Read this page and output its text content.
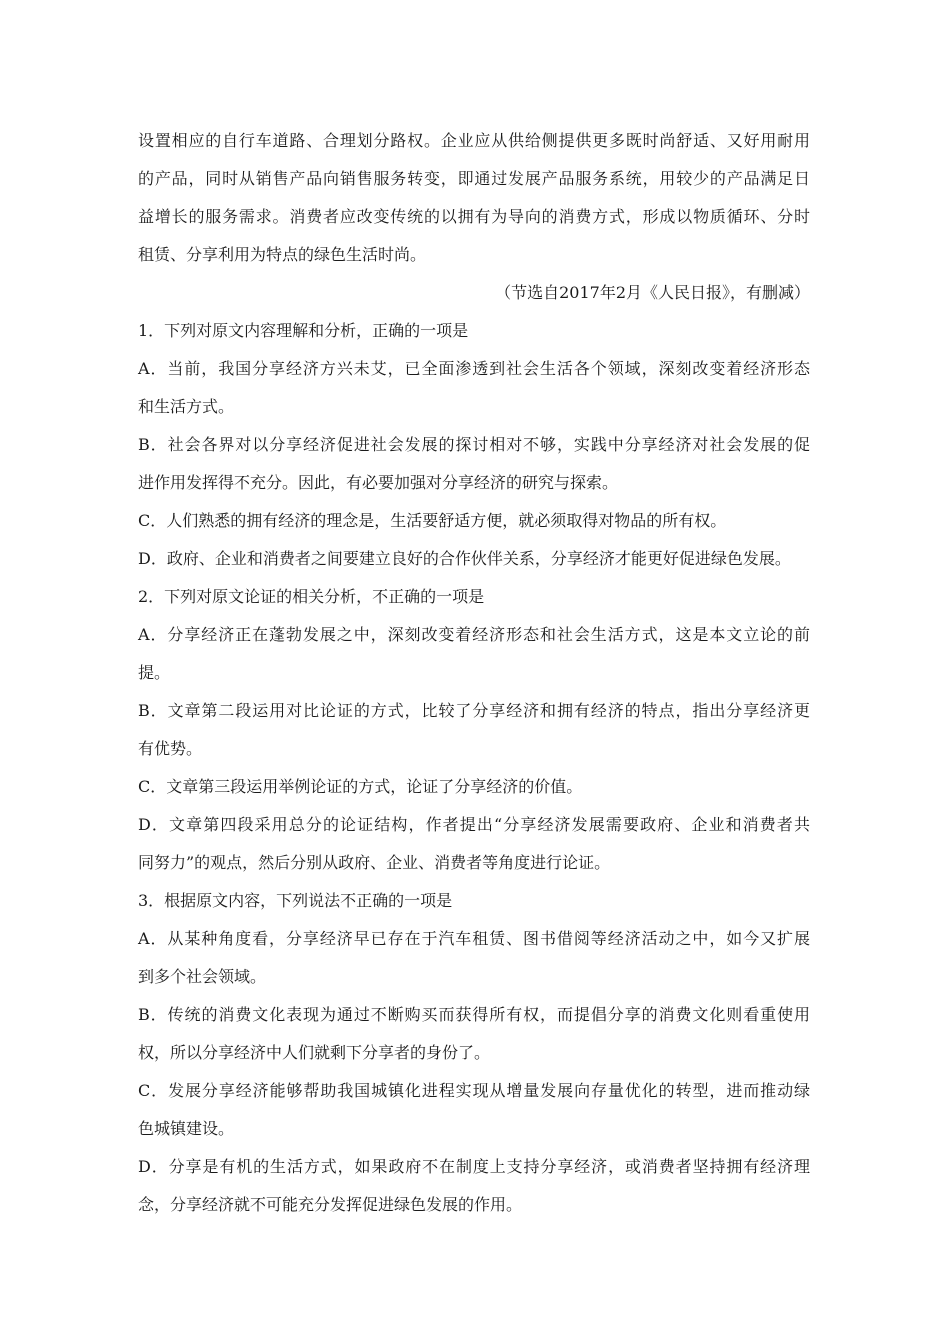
设置相应的自行车道路、合理划分路权。企业应从供给侧提供更多既时尚舒适、又好用耐用
的产品，同时从销售产品向销售服务转变，即通过发展产品服务系统，用较少的产品满足日
益增长的服务需求。消费者应改变传统的以拥有为导向的消费方式，形成以物质循环、分时
租赁、分享利用为特点的绿色生活时尚。
（节选自2017年2月《人民日报》，有删减）
1．下列对原文内容理解和分析，正确的一项是
A．当前，我国分享经济方兴未艾，已全面渗透到社会生活各个领域，深刻改变着经济形态
和生活方式。
B．社会各界对以分享经济促进社会发展的探讨相对不够，实践中分享经济对社会发展的促
进作用发挥得不充分。因此，有必要加强对分享经济的研究与探索。
C．人们熟悉的拥有经济的理念是，生活要舒适方便，就必须取得对物品的所有权。
D．政府、企业和消费者之间要建立良好的合作伙伴关系，分享经济才能更好促进绿色发展。
2．下列对原文论证的相关分析，不正确的一项是
A．分享经济正在蓬勃发展之中，深刻改变着经济形态和社会生活方式，这是本文立论的前
提。
B．文章第二段运用对比论证的方式，比较了分享经济和拥有经济的特点，指出分享经济更
有优势。
C．文章第三段运用举例论证的方式，论证了分享经济的价值。
D．文章第四段采用总分的论证结构，作者提出“分享经济发展需要政府、企业和消费者共
同努力”的观点，然后分别从政府、企业、消费者等角度进行论证。
3．根据原文内容，下列说法不正确的一项是
A．从某种角度看，分享经济早已存在于汽车租赁、图书借阅等经济活动之中，如今又扩展
到多个社会领域。
B．传统的消费文化表现为通过不断购买而获得所有权，而提倡分享的消费文化则看重使用
权，所以分享经济中人们就剩下分享者的身份了。
C．发展分享经济能够帮助我国城镇化进程实现从增量发展向存量优化的转型，进而推动绿
色城镇建设。
D．分享是有机的生活方式，如果政府不在制度上支持分享经济，或消费者坚持拥有经济理
念，分享经济就不可能充分发挥促进绿色发展的作用。
